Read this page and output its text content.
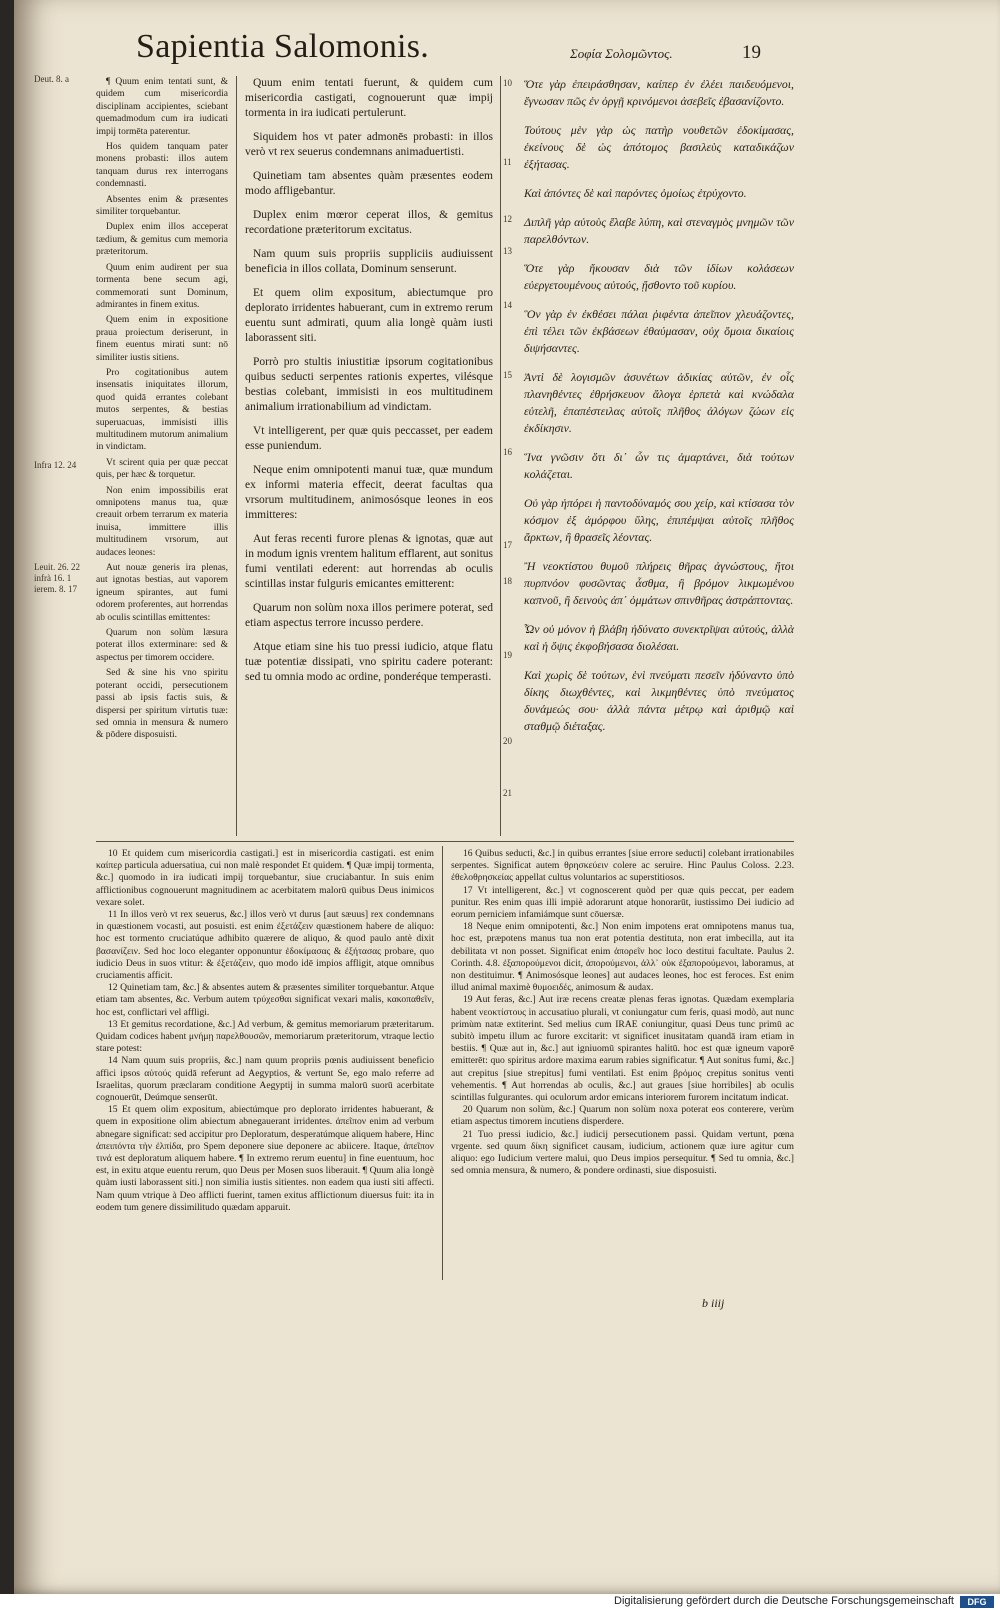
Sapientia Salomonis.	Σοφία Σολομῶντος.	19
Deut. 8. a
Infra 12. 24
Leuit. 26. 22 infrà 16. 1 ierem. 8. 17

¶ Quum enim tentati sunt, & quidem cum misericordia disciplinam accipientes, sciebant quemadmodum cum ira iudicati impij tormēta paterentur.

Hos quidem tanquam pater monens probasti: illos autem tanquam durus rex interrogans condemnasti.

Absentes enim & præsentes similiter torquebantur.

Duplex enim illos acceperat tædium, & gemitus cum memoria præteritorum.

Quum enim audirent per sua tormenta bene secum agi, commemorati sunt Dominum, admirantes in finem exitus.

Quem enim in expositione praua proiectum deriserunt, in finem euentus mirati sunt: nō similiter iustis sitiens.

Pro cogitationibus autem insensatis iniquitates illorum, quod quidā errantes colebant mutos serpentes, & bestias superuacuas, immisisti illis multitudinem mutorum animalium in vindictam.

Vt scirent quia per quæ peccat quis, per hæc & torquetur.

Non enim impossibilis erat omnipotens manus tua, quæ creauit orbem terrarum ex materia inuisa, immittere illis multitudinem vrsorum, aut audaces leones:

Aut nouæ generis ira plenas, aut ignotas bestias, aut vaporem igneum spirantes, aut fumi odorem proferentes, aut horrendas ab oculis scintillas emittentes:

Quarum non solùm læsura poterat illos exterminare: sed & aspectus per timorem occidere.

Sed & sine his vno spiritu poterant occidi, persecutionem passi ab ipsis factis suis, & dispersi per spiritum virtutis tuæ: sed omnia in mensura & numero & pōdere disposuisti.

Quum enim tentati fuerunt, & quidem cum misericordia castigati, cognouerunt quæ impij tormenta in ira iudicati pertulerunt.

Siquidem hos vt pater admonēs probasti: in illos verò vt rex seuerus condemnans animaduertisti.

Quinetiam tam absentes quàm præsentes eodem modo affligebantur.

Duplex enim mœror ceperat illos, & gemitus recordatione præteritorum excitatus.

Nam quum suis propriis suppliciis audiuissent beneficia in illos collata, Dominum senserunt.

Et quem olim expositum, abiectumque pro deplorato irridentes habuerant, cum in extremo rerum euentu sunt admirati, quum alia longè quàm iusti laborassent siti.

Porrò pro stultis iniustitiæ ipsorum cogitationibus quibus seducti serpentes rationis expertes, vilésque bestias colebant, immisisti in eos multitudinem animalium irrationabilium ad vindictam.

Vt intelligerent, per quæ quis peccasset, per eadem esse puniendum.

Neque enim omnipotenti manui tuæ, quæ mundum ex informi materia effecit, deerat facultas qua vrsorum multitudinem, animosósque leones in eos immitteres:

Aut feras recenti furore plenas & ignotas, quæ aut in modum ignis vrentem halitum efflarent, aut sonitus fumi ventilati ederent: aut horrendas ab oculis scintillas instar fulguris emicantes emitterent:

Quarum non solùm noxa illos perimere poterat, sed etiam aspectus terrore incussο perdere.

Atque etiam sine his tuo pressi iudicio, atque flatu tuæ potentiæ dissipati, vno spiritu cadere poterant: sed tu omnia modo ac ordine, ponderéque temperasti.

10
11
12
13
14
15
16
17
18
19
20
21

Ὅτε γὰρ ἐπειράσθησαν, καίπερ ἐν ἐλέει παιδευόμενοι, ἔγνωσαν πῶς ἐν ὀργῇ κρινόμενοι ἀσεβεῖς ἐβασανίζοντο.

Τούτους μὲν γὰρ ὡς πατὴρ νουθετῶν ἐδοκίμασας, ἐκείνους δὲ ὡς ἀπότομος βασιλεὺς καταδικάζων ἐξήτασας.

Καὶ ἀπόντες δὲ καὶ παρόντες ὁμοίως ἐτρύχοντο.

Διπλῆ γὰρ αὐτοὺς ἔλαβε λύπη, καὶ στεναγμὸς μνημῶν τῶν παρελθόντων.

Ὅτε γὰρ ἤκουσαν διὰ τῶν ἰδίων κολάσεων εὐεργετουμένους αὐτούς, ᾔσθοντο τοῦ κυρίου.

Ὃν γὰρ ἐν ἐκθέσει πάλαι ῥιφέντα ἀπεῖπον χλευάζοντες, ἐπὶ τέλει τῶν ἐκβάσεων ἐθαύμασαν, οὐχ ὅμοια δικαίοις διψήσαντες.

Ἀντὶ δὲ λογισμῶν ἀσυνέτων ἀδικίας αὐτῶν, ἐν οἷς πλανηθέντες ἐθρήσκευον ἄλογα ἑρπετὰ καὶ κνώδαλα εὐτελῆ, ἐπαπέστειλας αὐτοῖς πλῆθος ἀλόγων ζώων εἰς ἐκδίκησιν.

Ἵνα γνῶσιν ὅτι δι᾽ ὧν τις ἁμαρτάνει, διὰ τούτων κολάζεται.

Οὐ γὰρ ἠπόρει ἡ παντοδύναμός σου χείρ, καὶ κτίσασα τὸν κόσμον ἐξ ἀμόρφου ὕλης, ἐπιπέμψαι αὐτοῖς πλῆθος ἄρκτων, ἢ θρασεῖς λέοντας.

Ἢ νεοκτίστου θυμοῦ πλήρεις θῆρας ἀγνώστους, ἤτοι πυρπνόον φυσῶντας ἆσθμα, ἢ βρόμον λικμωμένου καπνοῦ, ἢ δεινοὺς ἀπ᾽ ὀμμάτων σπινθῆρας ἀστράπτοντας.

Ὧν οὐ μόνον ἡ βλάβη ἠδύνατο συνεκτρῖψαι αὐτούς, ἀλλὰ καὶ ἡ ὄψις ἐκφοβήσασα διολέσαι.

Καὶ χωρὶς δὲ τούτων, ἑνὶ πνεύματι πεσεῖν ἠδύναντο ὑπὸ δίκης διωχθέντες, καὶ λικμηθέντες ὑπὸ πνεύματος δυνάμεώς σου· ἀλλὰ πάντα μέτρῳ καὶ ἀριθμῷ καὶ σταθμῷ διέταξας.

10 Et quidem cum misericordia castigati.] est in misericordia castigati. est enim καίπερ particula aduersatiua, cui non malè respondet Et quidem. ¶ Quæ impij tormenta, &c.] quomodo in ira iudicati impij torquebantur, siue cruciabantur. In suis enim afflictionibus cognouerunt magnitudinem ac acerbitatem malorū quibus Deus inimicos vexare solet.

11 In illos verò vt rex seuerus, &c.] illos verò vt durus [aut sæuus] rex condemnans in quæstionem vocasti, aut posuisti. est enim ἐξετάζειν quæstionem habere de aliquo: hoc est tormento cruciatúque adhibito quærere de aliquo, & quod paulo antè dixit βασανίζειν. Sed hoc loco eleganter opponuntur ἐδοκίμασας & ἐξήτασας probare, quo iudicio Deus in suos vtitur: & ἐξετάζειν, quo modo idē impios affligit, atque omnibus cruciamentis afficit.

12 Quinetiam tam, &c.] & absentes autem & præsentes similiter torquebantur. Atque etiam tam absentes, &c. Verbum autem τρύχεσθαι significat vexari malis, κακοπαθεῖν, hoc est, conflictari vel affligi.

13 Et gemitus recordatione, &c.] Ad verbum, & gemitus memoriarum præteritarum. Quidam codices habent μνήμῃ παρελθουσῶν, memoriarum præteritorum, vtraque lectio stare potest:

14 Nam quum suis propriis, &c.] nam quum propriis pœnis audiuissent beneficio affici ipsos αὐτούς quidā referunt ad Aegyptios, & vertunt Se, ego malo referre ad Israelitas, quorum præclaram conditione Aegyptij in summa malorū suorū acerbitate cognouerūt, Deúmque senserūt.

15 Et quem olim expositum, abiectúmque pro deplorato irridentes habuerant, & quem in expositione olim abiectum abnegauerant irridentes. ἀπεῖπον enim ad verbum abnegare significat: sed accipitur pro Deploratum, desperatúmque aliquem habere, Hinc ἀπειπόντα τὴν ἐλπίδα, pro Spem deponere siue deponere ac abiicere. Itaque, ἀπεῖπον τινά est deploratum aliquem habere. ¶ In extremo rerum euentu] in fine euentuum, hoc est, in exitu atque euentu rerum, quo Deus per Mosen suos liberauit. ¶ Quum alia longè quàm iusti laborassent siti.] non similia iustis sitientes. non eadem qua iusti siti affecti. Nam quum vtrique à Deo afflicti fuerint, tamen exitus afflictionum diuersus fuit: ita in eodem tum genere dissimilitudo quædam apparuit.

16 Quibus seducti, &c.] in quibus errantes [siue errore seducti] colebant irrationabiles serpentes. Significat autem θρησκεύειν colere ac seruire. Hinc Paulus Coloss. 2.23. ἐθελοθρησκείας appellat cultus voluntarios ac superstitiosos.

17 Vt intelligerent, &c.] vt cognoscerent quòd per quæ quis peccat, per eadem punitur. Res enim quas illi impiè adorarunt atque honorarūt, iustissimo Dei iudicio ad eorum perniciem infamiámque sunt cōuersæ.

18 Neque enim omnipotenti, &c.] Non enim impotens erat omnipotens manus tua, hoc est, præpotens manus tua non erat potentia destituta, non erat imbecilla, aut ita debilitata vt non posset. Significat enim ἀπορεῖν hoc loco destitui facultate. Paulus 2. Corinth. 4.8. ἐξαπορούμενοι dicit, ἀπορούμενοι, ἀλλ᾽ οὐκ ἐξαπορούμενοι, laboramus, at non destituimur. ¶ Animosósque leones] aut audaces leones, hoc est feroces. Est enim illud animal maximè θυμοειδές, animosum & audax.

19 Aut feras, &c.] Aut iræ recens creatæ plenas feras ignotas. Quædam exemplaria habent νεοκτίστους in accusatiuo plurali, vt coniungatur cum feris, quasi modò, aut nunc primùm natæ extiterint. Sed melius cum IRAE coniungitur, quasi Deus tunc primū ac subitò impetu illum ac furore excitarit: vt significet inusitatam quandā iram etiam in bestiis. ¶ Quæ aut in, &c.] aut igniuomū spirantes halitū. hoc est quæ igneum vaporē emitterēt: quo spiritus ardore maxima earum rabies significatur. ¶ Aut sonitus fumi, &c.] aut crepitus [siue strepitus] fumi ventilati. Est enim βρόμος crepitus sonitus venti vehementis. ¶ Aut horrendas ab oculis, &c.] aut graues [siue horribiles] ab oculis scintillas fulgurantes. qui oculorum ardor emicans interiorem furorem incitatum indicat.

20 Quarum non solùm, &c.] Quarum non solùm noxa poterat eos conterere, verùm etiam aspectus timorem incutiens disperdere.

21 Tuo pressi iudicio, &c.] iudicij persecutionem passi. Quidam vertunt, pœna vrgente. sed quum δίκη significet causam, iudicium, actionem quæ iure agitur cum aliquo: ego Iudicium vertere malui, quo Deus impios persequitur. ¶ Sed tu omnia, &c.] sed omnia mensura, & numero, & pondere ordinasti, siue disposuisti.

b iiij
Digitalisierung gefördert durch die Deutsche Forschungsgemeinschaft	DFG
